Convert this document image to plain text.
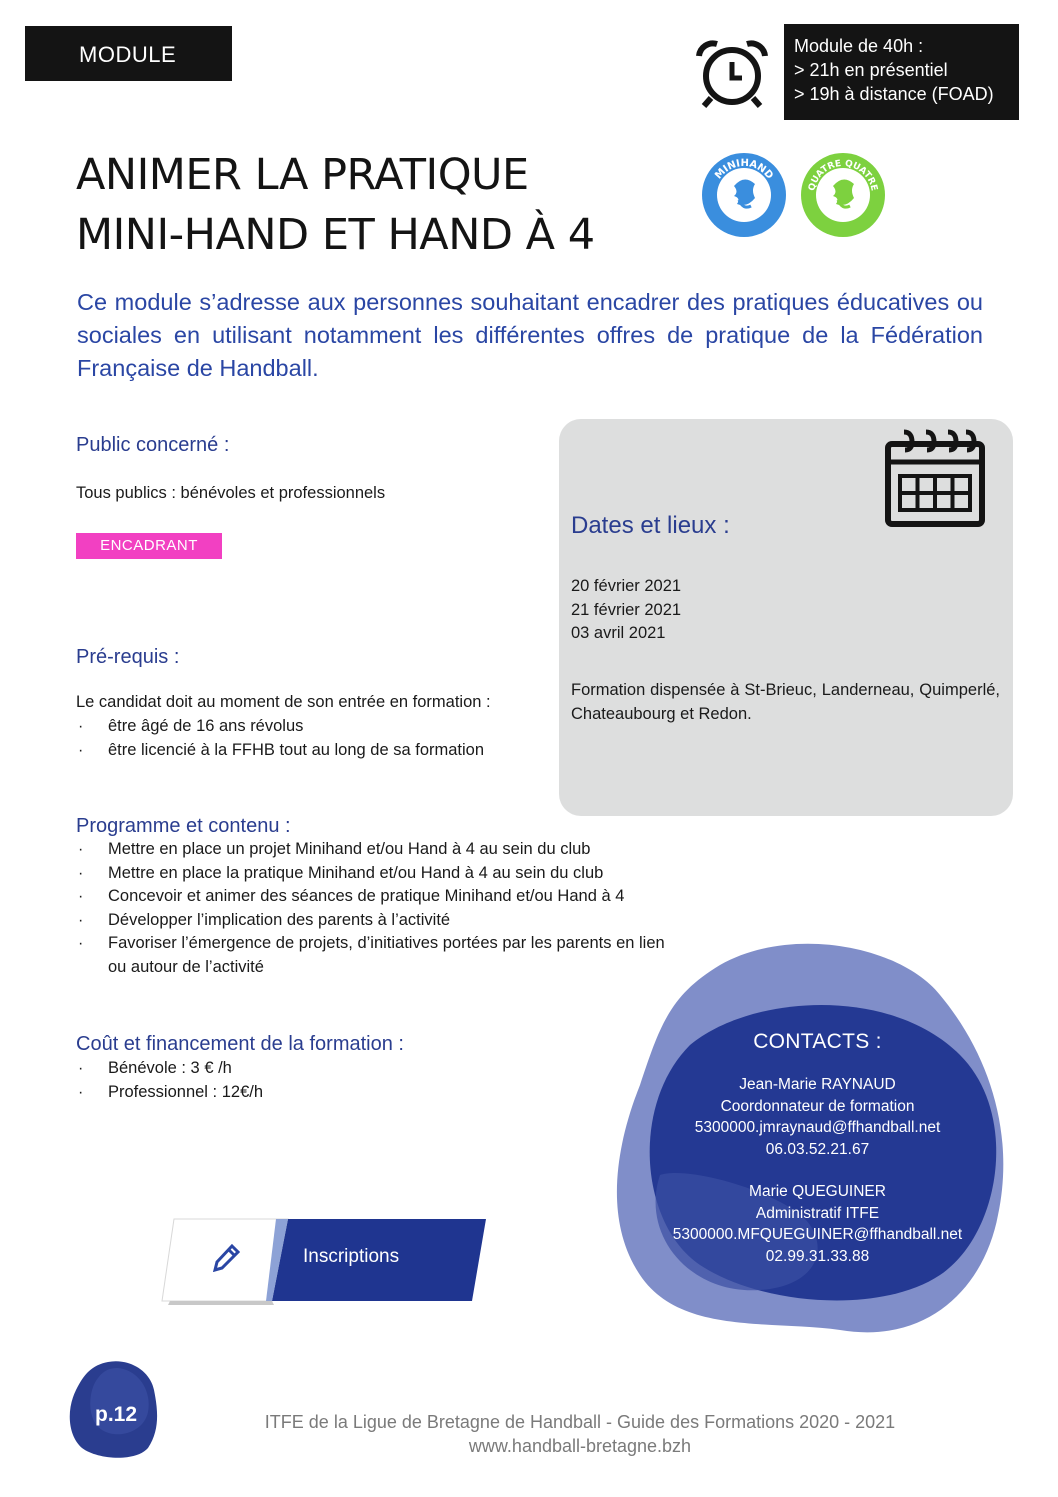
MODULE	Module de 40h :
> 21h en présentiel
> 19h à distance (FOAD)
ANIMER LA PRATIQUE
MINI-HAND ET HAND À 4
MINIHAND
FFHANDBALL
QUATRE QUATRE
FFHANDBALL
Ce module s’adresse aux personnes souhaitant encadrer des pratiques éducatives ou sociales en utilisant notamment les différentes offres de pratique de la Fédération Française de Handball.
Public concerné :
Tous publics : bénévoles et professionnels
ENCADRANT
Pré-requis :
Le candidat doit au moment de son entrée en formation :
· être âgé de 16 ans révolus
· être licencié à la FFHB tout au long de sa formation
Dates et lieux :
20 février 2021
21 février 2021
03 avril 2021
Formation dispensée à St-Brieuc, Landerneau, Quimperlé, Chateaubourg et Redon.
Programme et contenu :
· Mettre en place un projet Minihand et/ou Hand à 4 au sein du club
· Mettre en place la pratique Minihand et/ou Hand à 4 au sein du club
· Concevoir et animer des séances de pratique Minihand et/ou Hand à 4
· Développer l’implication des parents à l’activité
· Favoriser l’émergence de projets, d’initiatives portées par les parents en lien
ou autour de l’activité
Coût et financement de la formation :
· Bénévole : 3 € /h
· Professionnel : 12€/h
CONTACTS :
Jean-Marie RAYNAUD
Coordonnateur de formation
5300000.jmraynaud@ffhandball.net
06.03.52.21.67
Marie QUEGUINER
Administratif ITFE
5300000.MFQUEGUINER@ffhandball.net
02.99.31.33.88
Inscriptions
p.12	ITFE de la Ligue de Bretagne de Handball - Guide des Formations 2020 - 2021
www.handball-bretagne.bzh
